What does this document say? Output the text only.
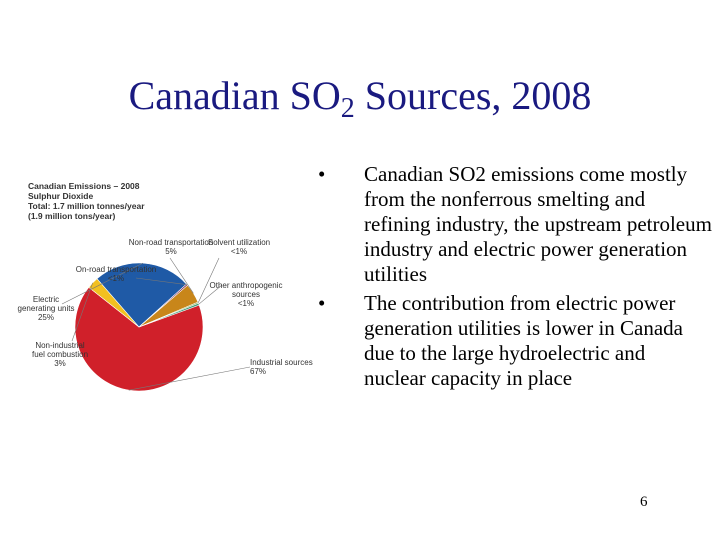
Canadian $SO_2$ Sources, 2008
Canadian Emissions – 2008 Sulphur Dioxide Total: 1.7 million tonnes/year (1.9 million tons/year)
Industrial sources 67%
Non-industrial fuel combustion 3%
Electric generating units 25%
On-road transportation <1%
Non-road transportation 5%
Solvent utilization <1%
Other anthropogenic sources <1%
• Canadian SO2 emissions come mostly from the nonferrous smelting and refining industry, the upstream petroleum industry and electric power generation utilities
• The contribution from electric power generation utilities is lower in Canada due to the large hydroelectric and nuclear capacity in place
6
